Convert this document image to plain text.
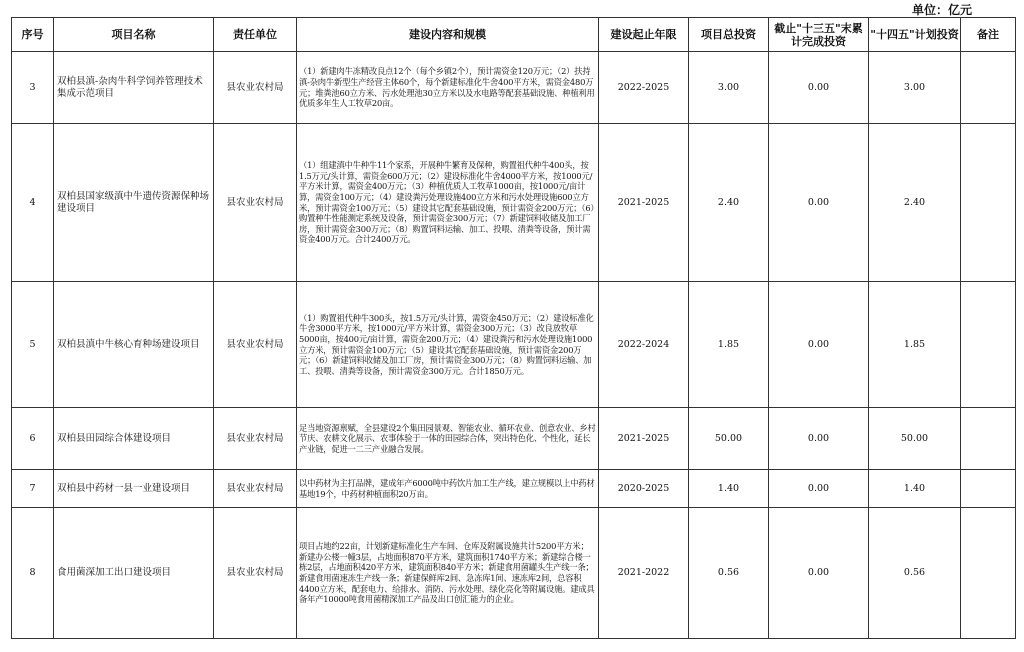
单位：亿元
序号	项目名称	责任单位	建设内容和规模	建设起止年限	项目总投资	截止"十三五"末累计完成投资	"十四五"计划投资	备注
3	双柏县滇-杂肉牛科学饲养管理技术集成示范项目	县农业农村局	（1）新建肉牛冻精改良点12个（每个乡镇2个），预计需资金120万元；（2）扶持滇-杂肉牛新型生产经营主体60个，每个新建标准化牛舍400平方米，需资金480万元；堆粪池60立方米、污水处理池30立方米以及水电路等配套基础设施、种植利用优质多年生人工牧草20亩。	2022-2025	3.00	0.00	3.00	
4	双柏县国家级滇中牛遗传资源保种场建设项目	县农业农村局	（1）组建滇中牛种牛11个家系，开展种牛繁育及保种，购置祖代种牛400头，按1.5万元/头计算，需资金600万元；（2）建设标准化牛舍4000平方米，按1000元/平方米计算，需资金400万元；（3）种植优质人工牧草1000亩，按1000元/亩计算，需资金100万元；（4）建设粪污处理设施400立方米和污水处理设施600立方米，预计需资金100万元；（5）建设其它配套基础设施，预计需资金200万元；（6）购置种牛性能测定系统及设备，预计需资金300万元；（7）新建饲料收储及加工厂房，预计需资金300万元；（8）购置饲料运输、加工、投喂、清粪等设备，预计需资金400万元。合计2400万元。	2021-2025	2.40	0.00	2.40	
5	双柏县滇中牛核心育种场建设项目	县农业农村局	（1）购置祖代种牛300头，按1.5万元/头计算，需资金450万元；（2）建设标准化牛舍3000平方米，按1000元/平方米计算，需资金300万元；（3）改良放牧草5000亩，按400元/亩计算，需资金200万元；（4）建设粪污和污水处理设施1000立方米，预计需资金100万元；（5）建设其它配套基础设施，预计需资金200万元；（6）新建饲料收储及加工厂房，预计需资金300万元；（8）购置饲料运输、加工、投喂、清粪等设备，预计需资金300万元。合计1850万元。	2022-2024	1.85	0.00	1.85	
6	双柏县田园综合体建设项目	县农业农村局	足当地资源禀赋，全县建设2个集田园景观、智能农业、循环农业、创意农业、乡村节庆、农耕文化展示、农事体验于一体的田园综合体，突出特色化、个性化，延长产业链，促进一二三产业融合发展。	2021-2025	50.00	0.00	50.00	
7	双柏县中药材一县一业建设项目	县农业农村局	以中药材为主打品牌，建成年产6000吨中药饮片加工生产线，建立规模以上中药材基地19个，中药材种植面积20万亩。	2020-2025	1.40	0.00	1.40	
8	食用菌深加工出口建设项目	县农业农村局	项目占地约22亩，计划新建标准化生产车间、仓库及附属设施共计5200平方米；新建办公楼一幢3层，占地面积870平方米，建筑面积1740平方米；新建综合楼一栋2层，占地面积420平方米，建筑面积840平方米；新建食用菌罐头生产线一条；新建食用菌速冻生产线一条；新建保鲜库2间、急冻库1间、速冻库2间，总容积4400立方米，配套电力、给排水、消防、污水处理、绿化亮化等附属设施。建成具备年产10000吨食用菌精深加工产品及出口创汇能力的企业。	2021-2022	0.56	0.00	0.56	
